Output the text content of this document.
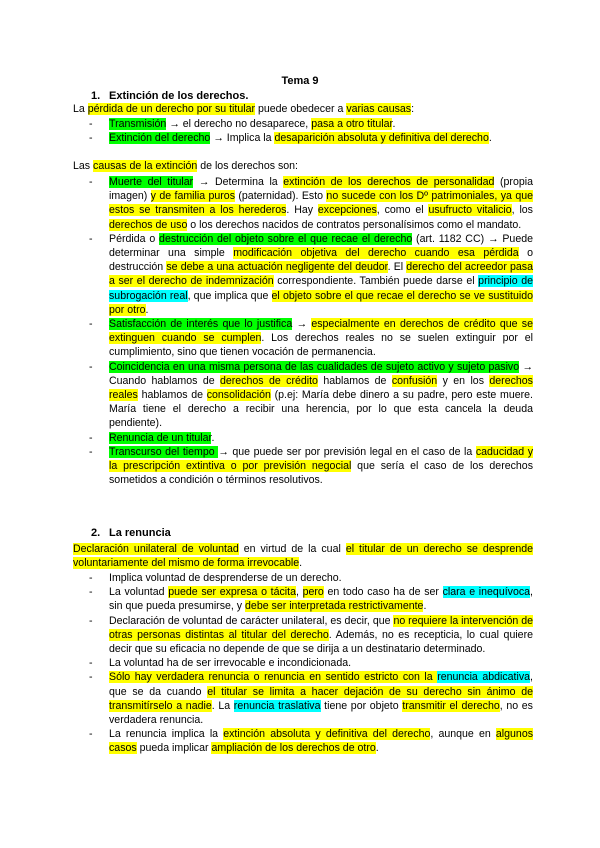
Tema 9
1. Extinción de los derechos.
La pérdida de un derecho por su titular puede obedecer a varias causas:
- Transmisión → el derecho no desaparece, pasa a otro titular.
- Extinción del derecho → Implica la desaparición absoluta y definitiva del derecho.
Las causas de la extinción de los derechos son:
- Muerte del titular → Determina la extinción de los derechos de personalidad (propia imagen) y de familia puros (paternidad). Esto no sucede con los Dº patrimoniales, ya que estos se transmiten a los herederos. Hay excepciones, como el usufructo vitalicio, los derechos de uso o los derechos nacidos de contratos personalísimos como el mandato.
- Pérdida o destrucción del objeto sobre el que recae el derecho (art. 1182 CC) → Puede determinar una simple modificación objetiva del derecho cuando esa pérdida o destrucción se debe a una actuación negligente del deudor. El derecho del acreedor pasa a ser el derecho de indemnización correspondiente. También puede darse el principio de subrogación real, que implica que el objeto sobre el que recae el derecho se ve sustituido por otro.
- Satisfacción de interés que lo justifica → especialmente en derechos de crédito que se extinguen cuando se cumplen. Los derechos reales no se suelen extinguir por el cumplimiento, sino que tienen vocación de permanencia.
- Coincidencia en una misma persona de las cualidades de sujeto activo y sujeto pasivo → Cuando hablamos de derechos de crédito hablamos de confusión y en los derechos reales hablamos de consolidación (p.ej: María debe dinero a su padre, pero este muere. María tiene el derecho a recibir una herencia, por lo que esta cancela la deuda pendiente).
- Renuncia de un titular.
- Transcurso del tiempo → que puede ser por previsión legal en el caso de la caducidad y la prescripción extintiva o por previsión negocial que sería el caso de los derechos sometidos a condición o términos resolutivos.
2. La renuncia
Declaración unilateral de voluntad en virtud de la cual el titular de un derecho se desprende voluntariamente del mismo de forma irrevocable.
- Implica voluntad de desprenderse de un derecho.
- La voluntad puede ser expresa o tácita, pero en todo caso ha de ser clara e inequívoca, sin que pueda presumirse, y debe ser interpretada restrictivamente.
- Declaración de voluntad de carácter unilateral, es decir, que no requiere la intervención de otras personas distintas al titular del derecho. Además, no es recepticia, lo cual quiere decir que su eficacia no depende de que se dirija a un destinatario determinado.
- La voluntad ha de ser irrevocable e incondicionada.
- Sólo hay verdadera renuncia o renuncia en sentido estricto con la renuncia abdicativa, que se da cuando el titular se limita a hacer dejación de su derecho sin ánimo de transmitírselo a nadie. La renuncia traslativa tiene por objeto transmitir el derecho, no es verdadera renuncia.
- La renuncia implica la extinción absoluta y definitiva del derecho, aunque en algunos casos pueda implicar ampliación de los derechos de otro.
